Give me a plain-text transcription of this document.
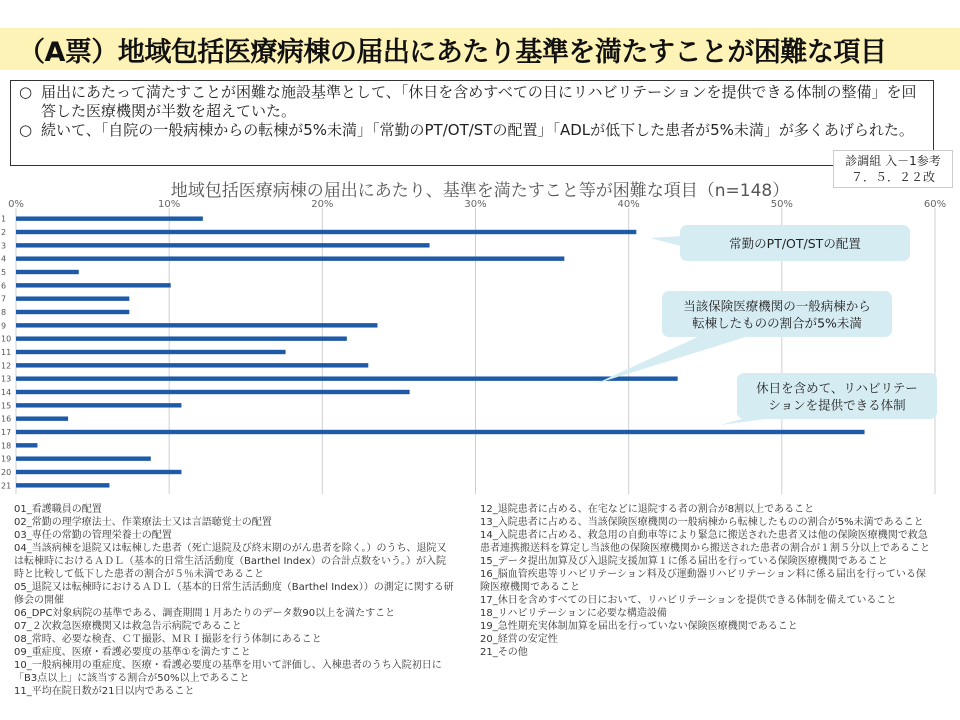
（A票）地域包括医療病棟の届出にあたり基準を満たすことが困難な項目
○ 届出にあたって満たすことが困難な施設基準として、「休日を含めすべての日にリハビリテーションを提供できる体制の整備」を回答した医療機関が半数を超えていた。
○ 続いて、「自院の一般病棟からの転棟が5%未満」「常勤のPT/OT/STの配置」「ADLが低下した患者が5%未満」が多くあげられた。
診調組 入－1参考
７．５．２２改
地域包括医療病棟の届出にあたり、基準を満たすこと等が困難な項目（n=148）
0%	10%	20%	30%	40%	50%	60%
1
2
3
4
5
6
7
8
9
10
11
12
13
14
15
16
17
18
19
20
21
常勤のPT/OT/STの配置
当該保険医療機関の一般病棟から
転棟したものの割合が5%未満
休日を含めて、リハビリテー
ションを提供できる体制
01_看護職員の配置
02_常勤の理学療法士、作業療法士又は言語聴覚士の配置
03_専任の常勤の管理栄養士の配置
04_当該病棟を退院又は転棟した患者（死亡退院及び終末期のがん患者を除く。）のうち、退院又は転棟時におけるＡＤＬ（基本的日常生活活動度（Barthel Index）の合計点数をいう。）が入院時と比較して低下した患者の割合が５％未満であること
05_退院又は転棟時におけるＡＤＬ（基本的日常生活活動度（Barthel Index））の測定に関する研修会の開催
06_DPC対象病院の基準である、調査期間１月あたりのデータ数90以上を満たすこと
07_２次救急医療機関又は救急告示病院であること
08_常時、必要な検査、ＣＴ撮影、ＭＲＩ撮影を行う体制にあること
09_重症度、医療・看護必要度の基準①を満たすこと
10_一般病棟用の重症度、医療・看護必要度の基準を用いて評価し、入棟患者のうち入院初日に「B3点以上」に該当する割合が50%以上であること
11_平均在院日数が21日以内であること
12_退院患者に占める、在宅などに退院する者の割合が8割以上であること
13_入院患者に占める、当該保険医療機関の一般病棟から転棟したものの割合が5%未満であること
14_入院患者に占める、救急用の自動車等により緊急に搬送された患者又は他の保険医療機関で救急患者連携搬送料を算定し当該他の保険医療機関から搬送された患者の割合が１割５分以上であること
15_データ提出加算及び入退院支援加算１に係る届出を行っている保険医療機関であること
16_脳血管疾患等リハビリテーション料及び運動器リハビリテーション料に係る届出を行っている保険医療機関であること
17_休日を含めすべての日において、リハビリテーションを提供できる体制を備えていること
18_リハビリテーションに必要な構造設備
19_急性期充実体制加算を届出を行っていない保険医療機関であること
20_経営の安定性
21_その他
